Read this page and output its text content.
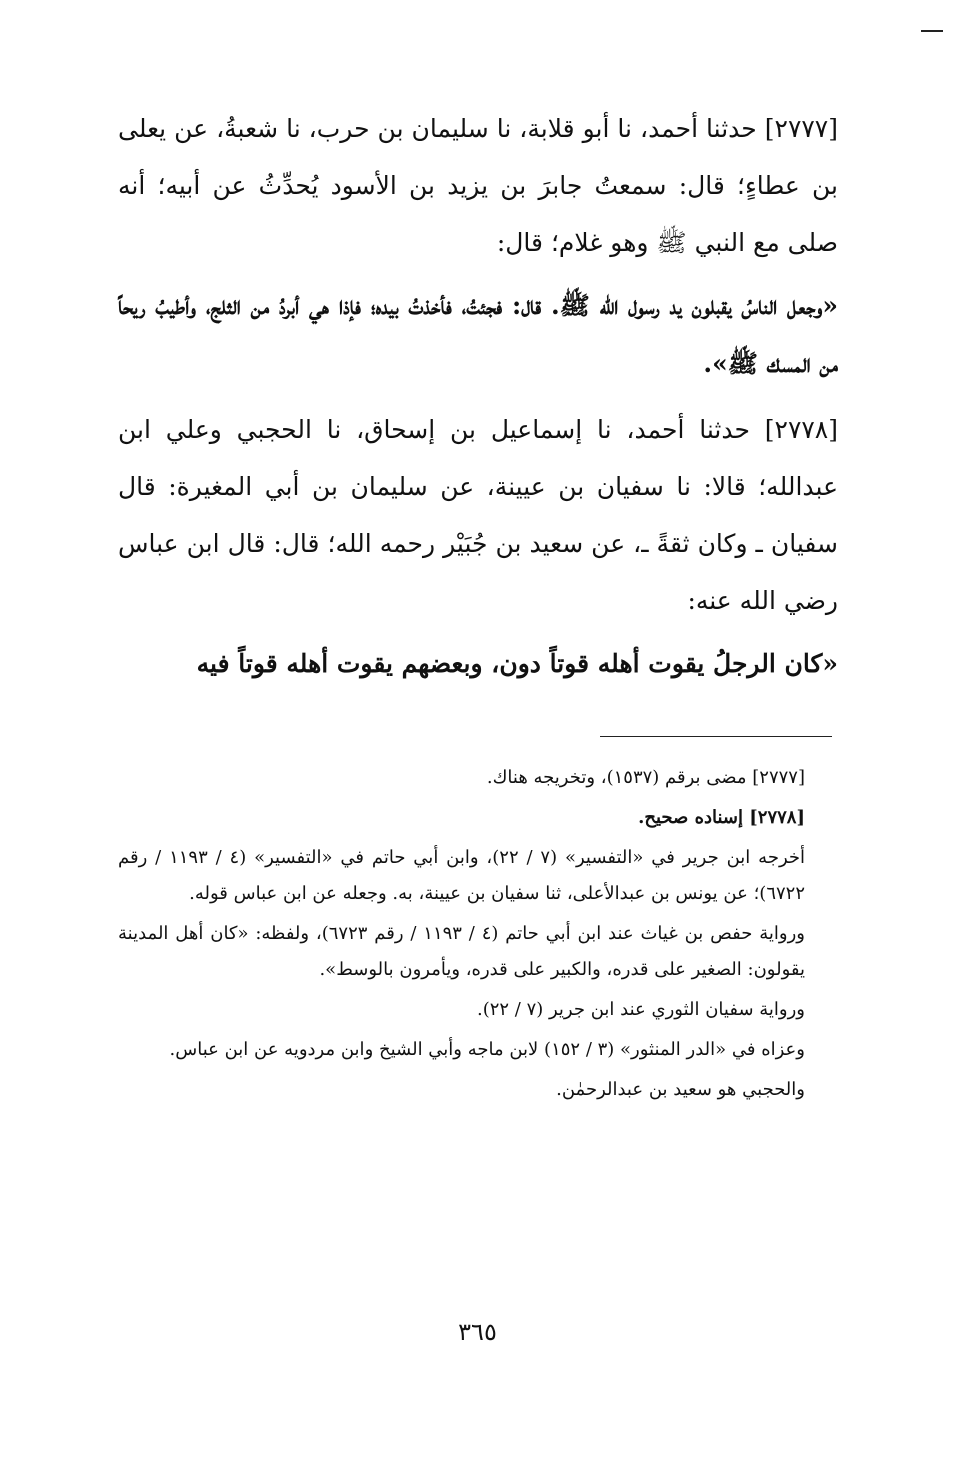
[٢٧٧٧] حدثنا أحمد، نا أبو قلابة، نا سليمان بن حرب، نا شعبةُ، عن يعلى بن عطاءٍ؛ قال: سمعتُ جابرَ بن يزيد بن الأسود يُحدِّثُ عن أبيه؛ أنه صلى مع النبي ﷺ وهو غلام؛ قال:

«وجعل الناسُ يقبلون يد رسول الله ﷺ. قال: فجئتُ، فأخذتُ بيده؛ فإذا هي أبردُ من الثلج، وأطيبُ ريحاً من المسك ﷺ».

[٢٧٧٨] حدثنا أحمد، نا إسماعيل بن إسحاق، نا الحجبي وعلي ابن عبدالله؛ قالا: نا سفيان بن عيينة، عن سليمان بن أبي المغيرة: قال سفيان ـ وكان ثقةً ـ، عن سعيد بن جُبَيْر رحمه الله؛ قال: قال ابن عباس رضي الله عنه:

«كان الرجلُ يقوت أهله قوتاً دون، وبعضهم يقوت أهله قوتاً فيه

[٢٧٧٧] مضى برقم (١٥٣٧)، وتخريجه هناك.

[٢٧٧٨] إسناده صحيح.

أخرجه ابن جرير في «التفسير» (٧ / ٢٢)، وابن أبي حاتم في «التفسير» (٤ / ١١٩٣ / رقم ٦٧٢٢)؛ عن يونس بن عبدالأعلى، ثنا سفيان بن عيينة، به. وجعله عن ابن عباس قوله.

ورواية حفص بن غياث عند ابن أبي حاتم (٤ / ١١٩٣ / رقم ٦٧٢٣)، ولفظه: «كان أهل المدينة يقولون: الصغير على قدره، والكبير على قدره، ويأمرون بالوسط».

ورواية سفيان الثوري عند ابن جرير (٧ / ٢٢).

وعزاه في «الدر المنثور» (٣ / ١٥٢) لابن ماجه وأبي الشيخ وابن مردويه عن ابن عباس.

والحجبي هو سعيد بن عبدالرحمٰن.

٣٦٥
